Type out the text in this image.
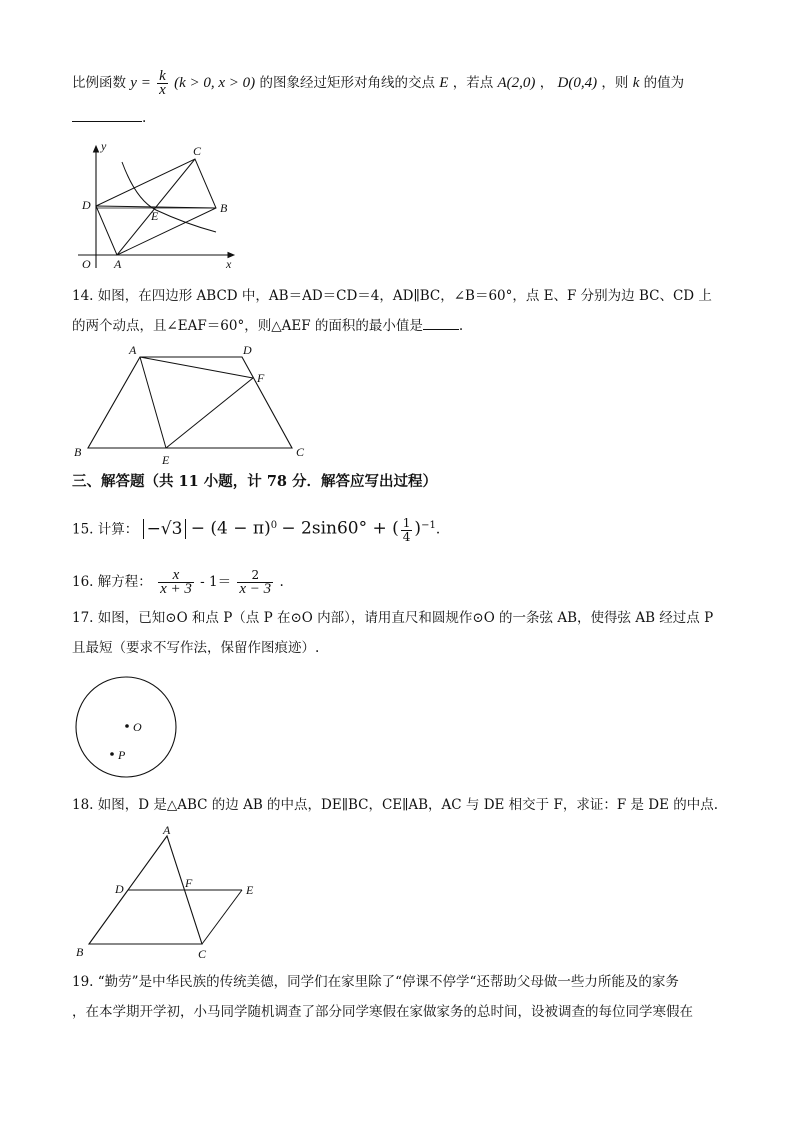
比例函数 $y = \frac{k}{x} (k > 0$, x > 0) 的图象经过矩形对角线的交点 E ，若点 A(2,0) ， D(0,4) ，则 k 的值为
.
y
x
O A
B
C
D
E
14. 如图，在四边形 ABCD 中，AB＝AD＝CD＝4，AD∥BC，∠B＝60°，点 E、F 分别为边 BC、CD 上
的两个动点，且∠EAF＝60°，则△AEF 的面积的最小值是	.
A	D
F
B
E
C
三、解答题（共 11 小题，计 78 分．解答应写出过程）
15. 计算： $-√3 - (4 - \pi)^0 - 2\sin 60^\circ$ + ( $\frac{1}{4} )^{-1}$.
16. 解方程： $\frac{x}{x + 3} - 1= \frac{2}{x - 3}$ .
17. 如图，已知⊙O 和点 P（点 P 在⊙O 内部），请用直尺和圆规作⊙O 的一条弦 AB，使得弦 AB 经过点 P
且最短（要求不写作法，保留作图痕迹）.
O
P
18. 如图，D 是△ABC 的边 AB 的中点，DE∥BC，CE∥AB，AC 与 DE 相交于 F，求证：F 是 DE 的中点.
A
D	F	E
B	C
19. “勤劳”是中华民族的传统美德，同学们在家里除了“停课不停学“还帮助父母做一些力所能及的家务
，在本学期开学初，小马同学随机调查了部分同学寒假在家做家务的总时间，设被调查的每位同学寒假在
